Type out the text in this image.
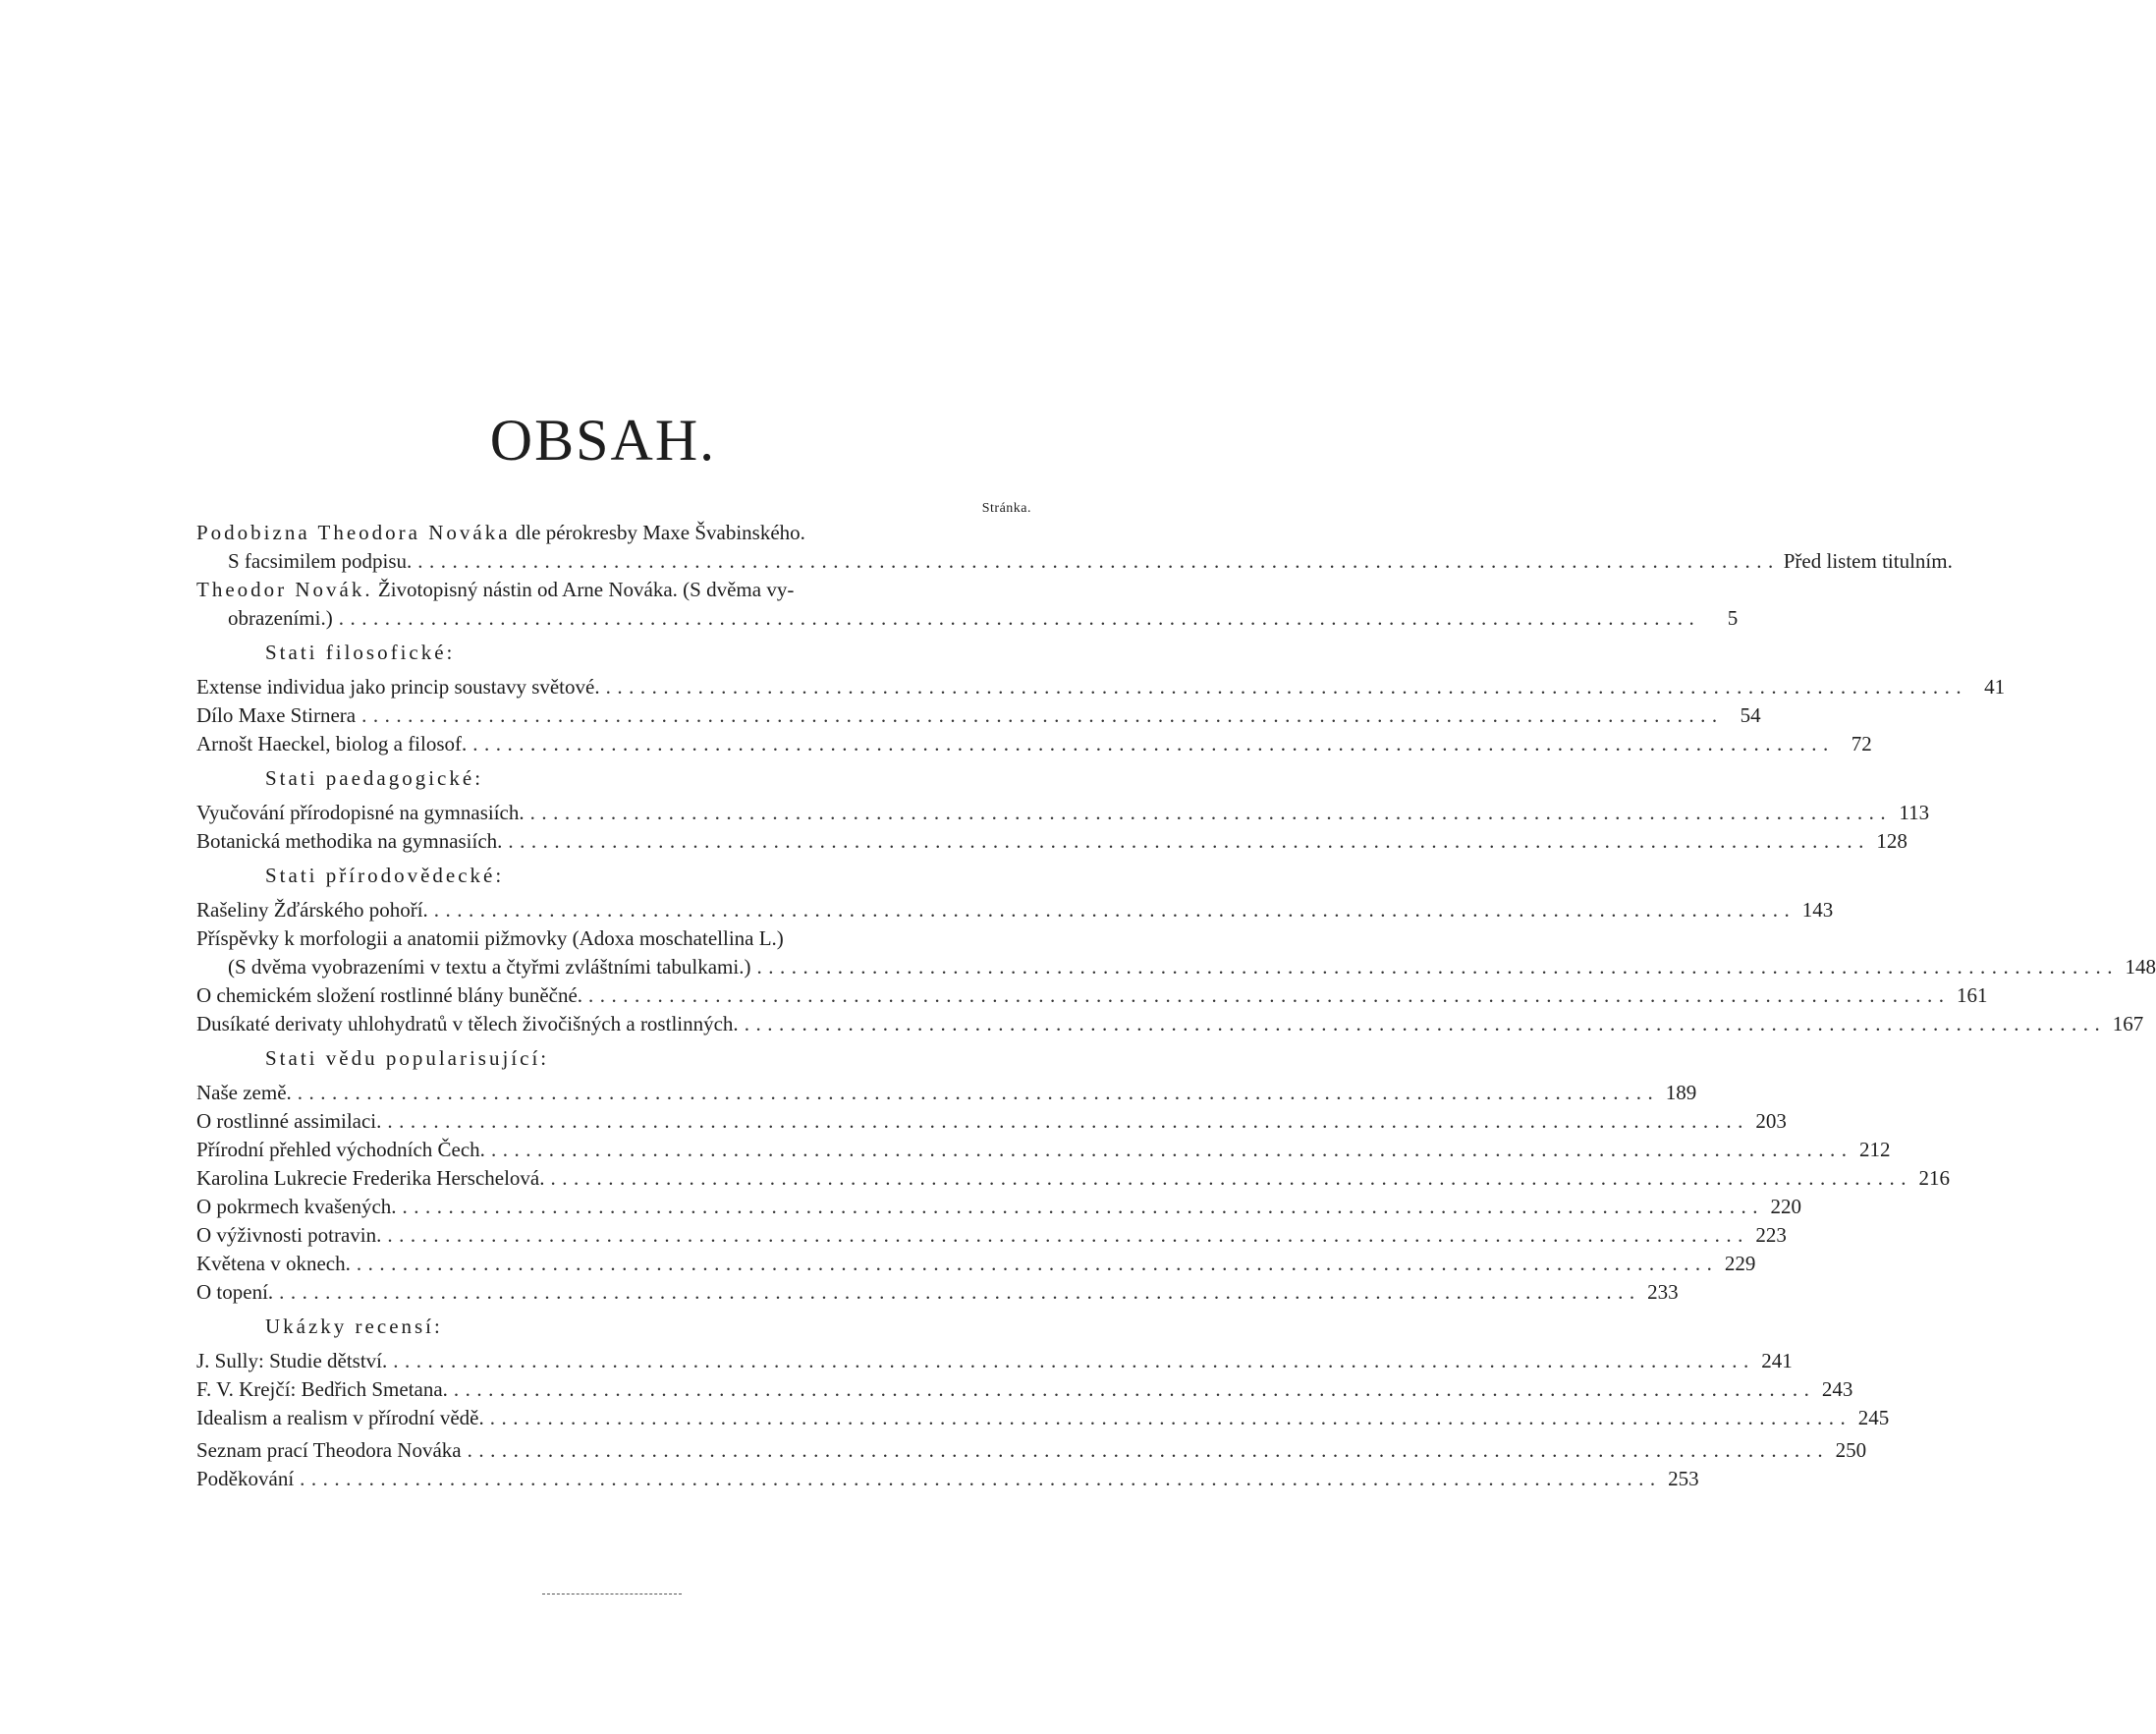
OBSAH.
Stránka.
Podobizna Theodora Nováka dle pérokresby Maxe Švabinského.
S facsimilem podpisu. ...................................................................................................................... Před listem titulním.
Theodor Novák. Životopisný nástin od Arne Nováka. (S dvěma vy-
obrazeními.) ......................................................................................................................	5
Stati filosofické:
Extense individua jako princip soustavy světové. ...................................................................................................................... 41
Dílo Maxe Stirnera ...................................................................................................................... 54
Arnošt Haeckel, biolog a filosof. ...................................................................................................................... 72
Stati paedagogické:
Vyučování přírodopisné na gymnasiích. ...................................................................................................................... 113
Botanická methodika na gymnasiích. ...................................................................................................................... 128
Stati přírodovědecké:
Rašeliny Žďárského pohoří. ...................................................................................................................... 143
Příspěvky k morfologii a anatomii pižmovky (Adoxa moschatellina L.)
(S dvěma vyobrazeními v textu a čtyřmi zvláštními tabulkami.) ...................................................................................................................... 148
O chemickém složení rostlinné blány buněčné. ...................................................................................................................... 161
Dusíkaté derivaty uhlohydratů v tělech živočišných a rostlinných. ...................................................................................................................... 167
Stati vědu popularisující:
Naše země. ...................................................................................................................... 189
O rostlinné assimilaci. ...................................................................................................................... 203
Přírodní přehled východních Čech. ...................................................................................................................... 212
Karolina Lukrecie Frederika Herschelová. ...................................................................................................................... 216
O pokrmech kvašených. ...................................................................................................................... 220
O výživnosti potravin. ...................................................................................................................... 223
Květena v oknech. ...................................................................................................................... 229
O topení. ...................................................................................................................... 233
Ukázky recensí:
J. Sully: Studie dětství. ...................................................................................................................... 241
F. V. Krejčí: Bedřich Smetana. ...................................................................................................................... 243
Idealism a realism v přírodní vědě. ...................................................................................................................... 245
Seznam prací Theodora Nováka ...................................................................................................................... 250
Poděkování ...................................................................................................................... 253
